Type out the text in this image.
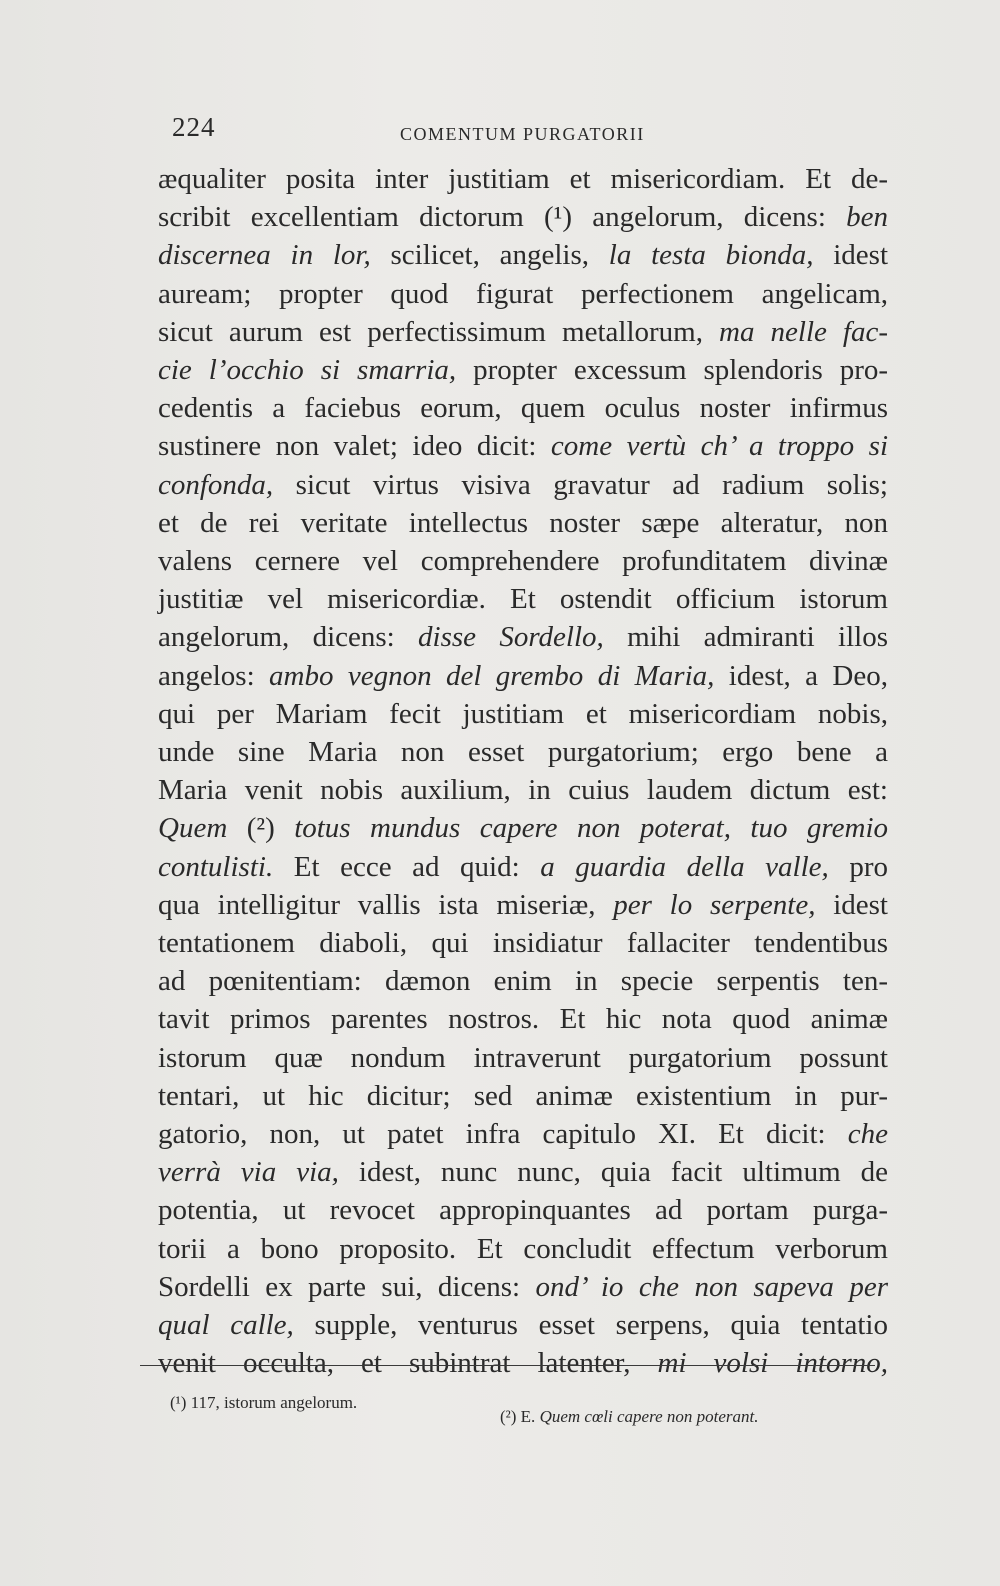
224	COMENTUM PURGATORII
æqualiter posita inter justitiam et misericordiam. Et de-
scribit excellentiam dictorum (¹) angelorum, dicens: ben
discernea in lor, scilicet, angelis, la testa bionda, idest
auream; propter quod figurat perfectionem angelicam,
sicut aurum est perfectissimum metallorum, ma nelle fac-
cie l’occhio si smarria, propter excessum splendoris pro-
cedentis a faciebus eorum, quem oculus noster infirmus
sustinere non valet; ideo dicit: come vertù ch’ a troppo si
confonda, sicut virtus visiva gravatur ad radium solis;
et de rei veritate intellectus noster sæpe alteratur, non
valens cernere vel comprehendere profunditatem divinæ
justitiæ vel misericordiæ. Et ostendit officium istorum
angelorum, dicens: disse Sordello, mihi admiranti illos
angelos: ambo vegnon del grembo di Maria, idest, a Deo,
qui per Mariam fecit justitiam et misericordiam nobis,
unde sine Maria non esset purgatorium; ergo bene a
Maria venit nobis auxilium, in cuius laudem dictum est:
Quem (²) totus mundus capere non poterat, tuo gremio
contulisti. Et ecce ad quid: a guardia della valle, pro
qua intelligitur vallis ista miseriæ, per lo serpente, idest
tentationem diaboli, qui insidiatur fallaciter tendentibus
ad pœnitentiam: dæmon enim in specie serpentis ten-
tavit primos parentes nostros. Et hic nota quod animæ
istorum quæ nondum intraverunt purgatorium possunt
tentari, ut hic dicitur; sed animæ existentium in pur-
gatorio, non, ut patet infra capitulo XI. Et dicit: che
verrà via via, idest, nunc nunc, quia facit ultimum de
potentia, ut revocet appropinquantes ad portam purga-
torii a bono proposito. Et concludit effectum verborum
Sordelli ex parte sui, dicens: ond’ io che non sapeva per
qual calle, supple, venturus esset serpens, quia tentatio
venit occulta, et subintrat latenter, mi volsi intorno,
(¹) 117, istorum angelorum.
(²) E. Quem cœli capere non poterant.
